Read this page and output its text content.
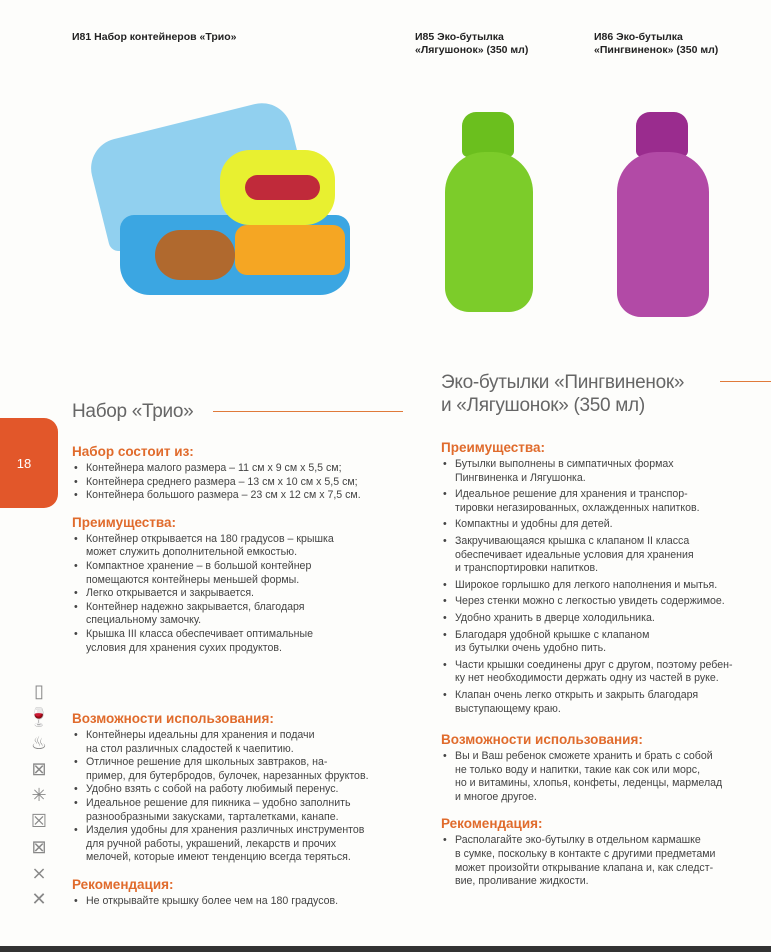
И81 Набор контейнеров «Трио»	И85 Эко-бутылка
«Лягушонок» (350 мл)
И86 Эко-бутылка
«Пингвиненок» (350 мл)
18
Набор «Трио»
Набор состоит из:
• Контейнера малого размера – 11 см х 9 см х 5,5 см;
• Контейнера среднего размера – 13 см х 10 см х 5,5 см;
• Контейнера большого размера – 23 см х 12 см х 7,5 см.
Преимущества:
• Контейнер открывается на 180 градусов – крышка
может служить дополнительной емкостью.
• Компактное хранение – в большой контейнер
помещаются контейнеры меньшей формы.
• Легко открывается и закрывается.
• Контейнер надежно закрывается, благодаря
специальному замочку.
• Крышка III класса обеспечивает оптимальные
условия для хранения сухих продуктов.
Возможности использования:
• Контейнеры идеальны для хранения и подачи
на стол различных сладостей к чаепитию.
• Отличное решение для школьных завтраков, на-
пример, для бутербродов, булочек, нарезанных фруктов.
• Удобно взять с собой на работу любимый перенус.
• Идеальное решение для пикника – удобно заполнить
разнообразными закусками, тарталетками, канапе.
• Изделия удобны для хранения различных инструментов
для ручной работы, украшений, лекарств и прочих
мелочей, которые имеют тенденцию всегда теряться.
Рекомендация:
• Не открывайте крышку более чем на 180 градусов.
▯
🍷
♨
⊠
✳
☒
⊠
⨯
✕
Эко-бутылки «Пингвиненок»
и «Лягушонок» (350 мл)
Преимущества:
• Бутылки выполнены в симпатичных формах
Пингвиненка и Лягушонка.
• Идеальное решение для хранения и транспор-
тировки негазированных, охлажденных напитков.
• Компактны и удобны для детей.
• Закручивающаяся крышка с клапаном II класса
обеспечивает идеальные условия для хранения
и транспортировки напитков.
• Широкое горлышко для легкого наполнения и мытья.
• Через стенки можно с легкостью увидеть содержимое.
• Удобно хранить в дверце холодильника.
• Благодаря удобной крышке с клапаном
из бутылки очень удобно пить.
• Части крышки соединены друг с другом, поэтому ребен-
ку нет необходимости держать одну из частей в руке.
• Клапан очень легко открыть и закрыть благодаря
выступающему краю.
Возможности использования:
• Вы и Ваш ребенок сможете хранить и брать с собой
не только воду и напитки, такие как сок или морс,
но и витамины, хлопья, конфеты, леденцы, мармелад
и многое другое.
Рекомендация:
• Располагайте эко-бутылку в отдельном кармашке
в сумке, поскольку в контакте с другими предметами
может произойти открывание клапана и, как следст-
вие, проливание жидкости.
